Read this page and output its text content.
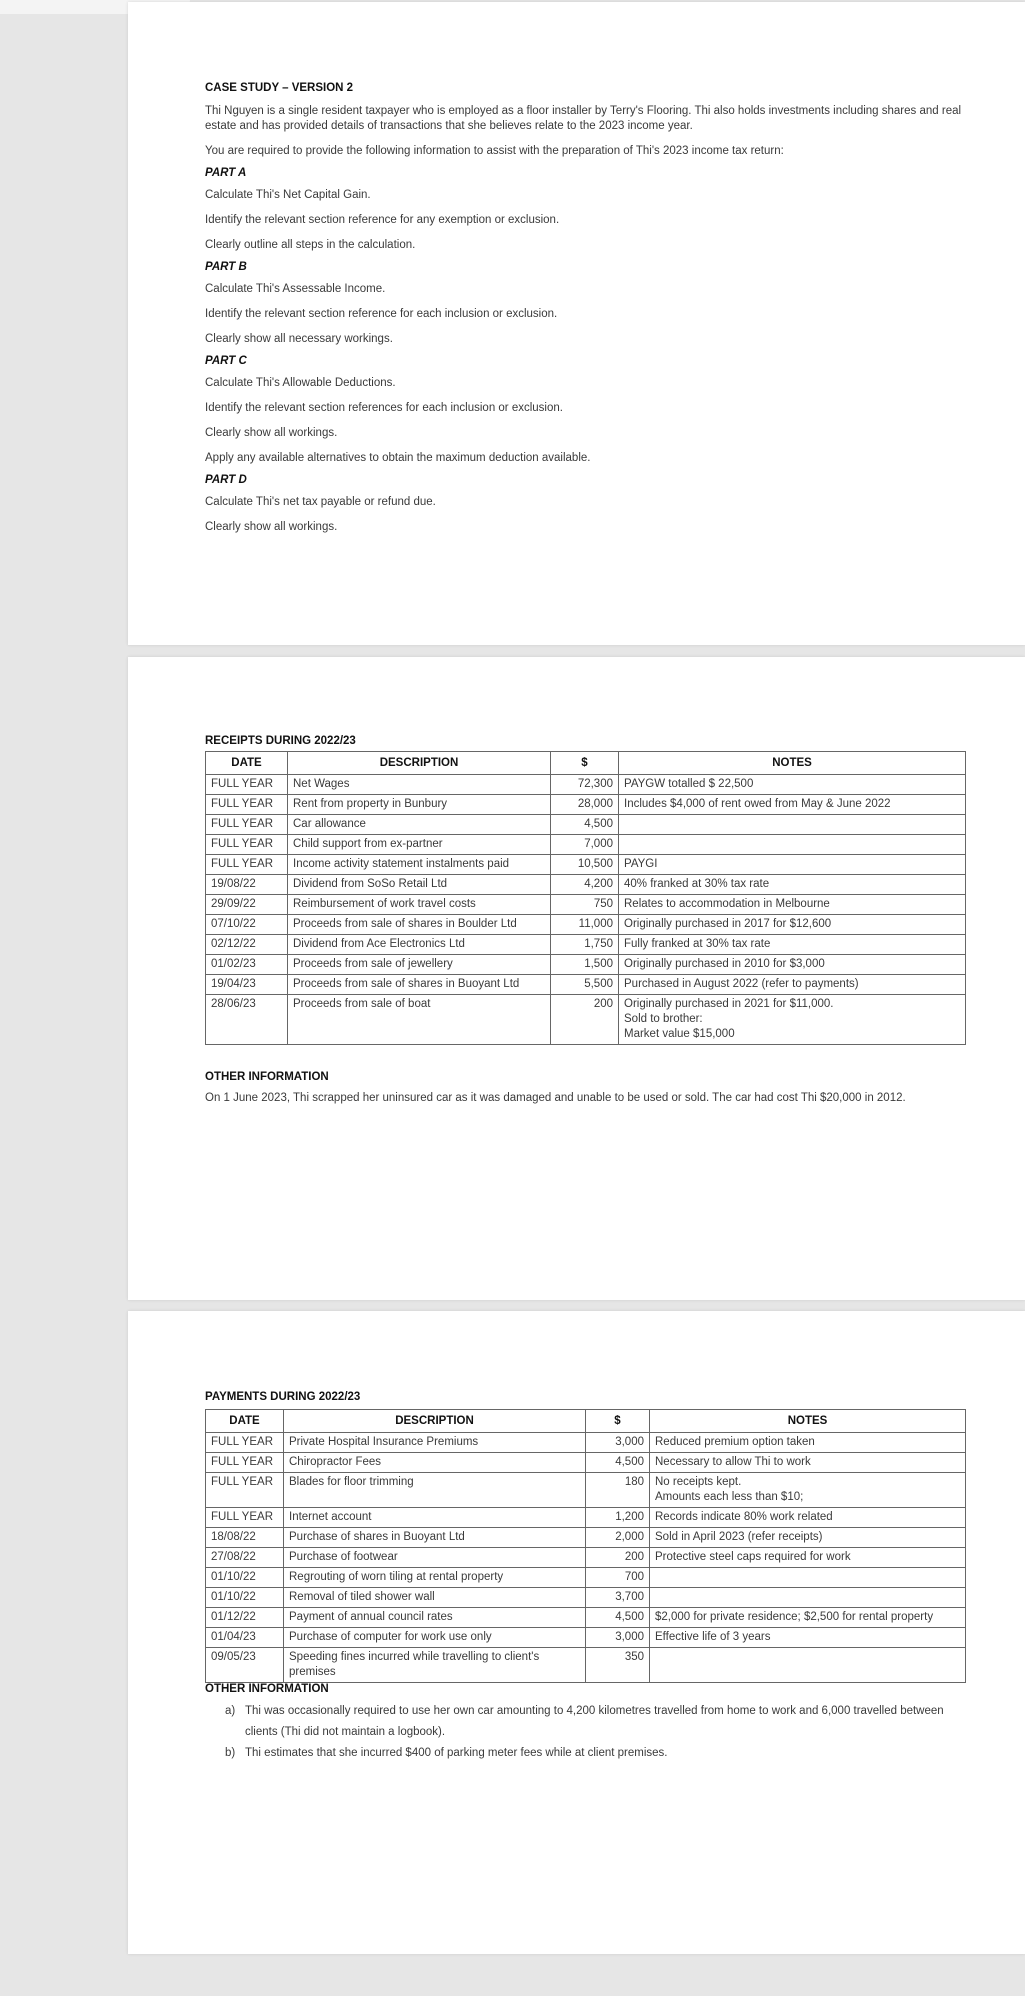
CASE STUDY – VERSION 2
Thi Nguyen is a single resident taxpayer who is employed as a floor installer by Terry's Flooring. Thi also holds investments including shares and real estate and has provided details of transactions that she believes relate to the 2023 income year.
You are required to provide the following information to assist with the preparation of Thi's 2023 income tax return:
PART A
Calculate Thi's Net Capital Gain.
Identify the relevant section reference for any exemption or exclusion.
Clearly outline all steps in the calculation.
PART B
Calculate Thi's Assessable Income.
Identify the relevant section reference for each inclusion or exclusion.
Clearly show all necessary workings.
PART C
Calculate Thi's Allowable Deductions.
Identify the relevant section references for each inclusion or exclusion.
Clearly show all workings.
Apply any available alternatives to obtain the maximum deduction available.
PART D
Calculate Thi's net tax payable or refund due.
Clearly show all workings.
RECEIPTS DURING 2022/23
DATE	DESCRIPTION	$	NOTES

FULL YEAR	Net Wages	72,300	PAYGW totalled $ 22,500

FULL YEAR	Rent from property in Bunbury	28,000	Includes $4,000 of rent owed from May & June 2022

FULL YEAR	Car allowance	4,500	

FULL YEAR	Child support from ex-partner	7,000	

FULL YEAR	Income activity statement instalments paid	10,500	PAYGI

19/08/22	Dividend from SoSo Retail Ltd	4,200	40% franked at 30% tax rate

29/09/22	Reimbursement of work travel costs	750	Relates to accommodation in Melbourne

07/10/22	Proceeds from sale of shares in Boulder Ltd	11,000	Originally purchased in 2017 for $12,600

02/12/22	Dividend from Ace Electronics Ltd	1,750	Fully franked at 30% tax rate

01/02/23	Proceeds from sale of jewellery	1,500	Originally purchased in 2010 for $3,000

19/04/23	Proceeds from sale of shares in Buoyant Ltd	5,500	Purchased in August 2022 (refer to payments)

28/06/23	Proceeds from sale of boat	200	Originally purchased in 2021 for $11,000.
Sold to brother:
Market value $15,000
OTHER INFORMATION
On 1 June 2023, Thi scrapped her uninsured car as it was damaged and unable to be used or sold. The car had cost Thi $20,000 in 2012.
PAYMENTS DURING 2022/23
DATE	DESCRIPTION	$	NOTES

FULL YEAR	Private Hospital Insurance Premiums	3,000	Reduced premium option taken

FULL YEAR	Chiropractor Fees	4,500	Necessary to allow Thi to work

FULL YEAR	Blades for floor trimming	180	No receipts kept.
Amounts each less than $10;

FULL YEAR	Internet account	1,200	Records indicate 80% work related

18/08/22	Purchase of shares in Buoyant Ltd	2,000	Sold in April 2023 (refer receipts)

27/08/22	Purchase of footwear	200	Protective steel caps required for work

01/10/22	Regrouting of worn tiling at rental property	700	

01/10/22	Removal of tiled shower wall	3,700	

01/12/22	Payment of annual council rates	4,500	$2,000 for private residence; $2,500 for rental property

01/04/23	Purchase of computer for work use only	3,000	Effective life of 3 years

09/05/23	Speeding fines incurred while travelling to client's premises	350	

OTHER INFORMATION
a) Thi was occasionally required to use her own car amounting to 4,200 kilometres travelled from home to work and 6,000 travelled between clients (Thi did not maintain a logbook).
b) Thi estimates that she incurred $400 of parking meter fees while at client premises.
